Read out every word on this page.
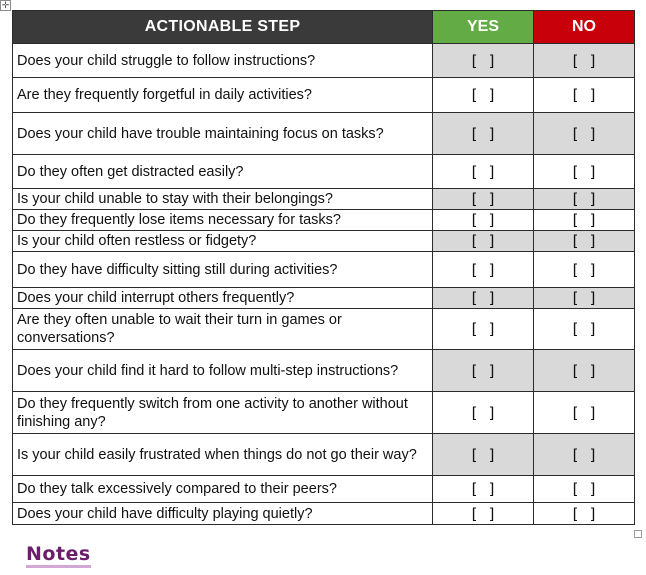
✛
ACTIONABLE STEP	YES	NO
Does your child struggle to follow instructions?	[ ]	[ ]
Are they frequently forgetful in daily activities?	[ ]	[ ]
Does your child have trouble maintaining focus on tasks?	[ ]	[ ]
Do they often get distracted easily?	[ ]	[ ]
Is your child unable to stay with their belongings?	[ ]	[ ]
Do they frequently lose items necessary for tasks?	[ ]	[ ]
Is your child often restless or fidgety?	[ ]	[ ]
Do they have difficulty sitting still during activities?	[ ]	[ ]
Does your child interrupt others frequently?	[ ]	[ ]
Are they often unable to wait their turn in games or conversations?	[ ]	[ ]
Does your child find it hard to follow multi-step instructions?	[ ]	[ ]
Do they frequently switch from one activity to another without finishing any?	[ ]	[ ]
Is your child easily frustrated when things do not go their way?	[ ]	[ ]
Do they talk excessively compared to their peers?	[ ]	[ ]
Does your child have difficulty playing quietly?	[ ]	[ ]
Notes
